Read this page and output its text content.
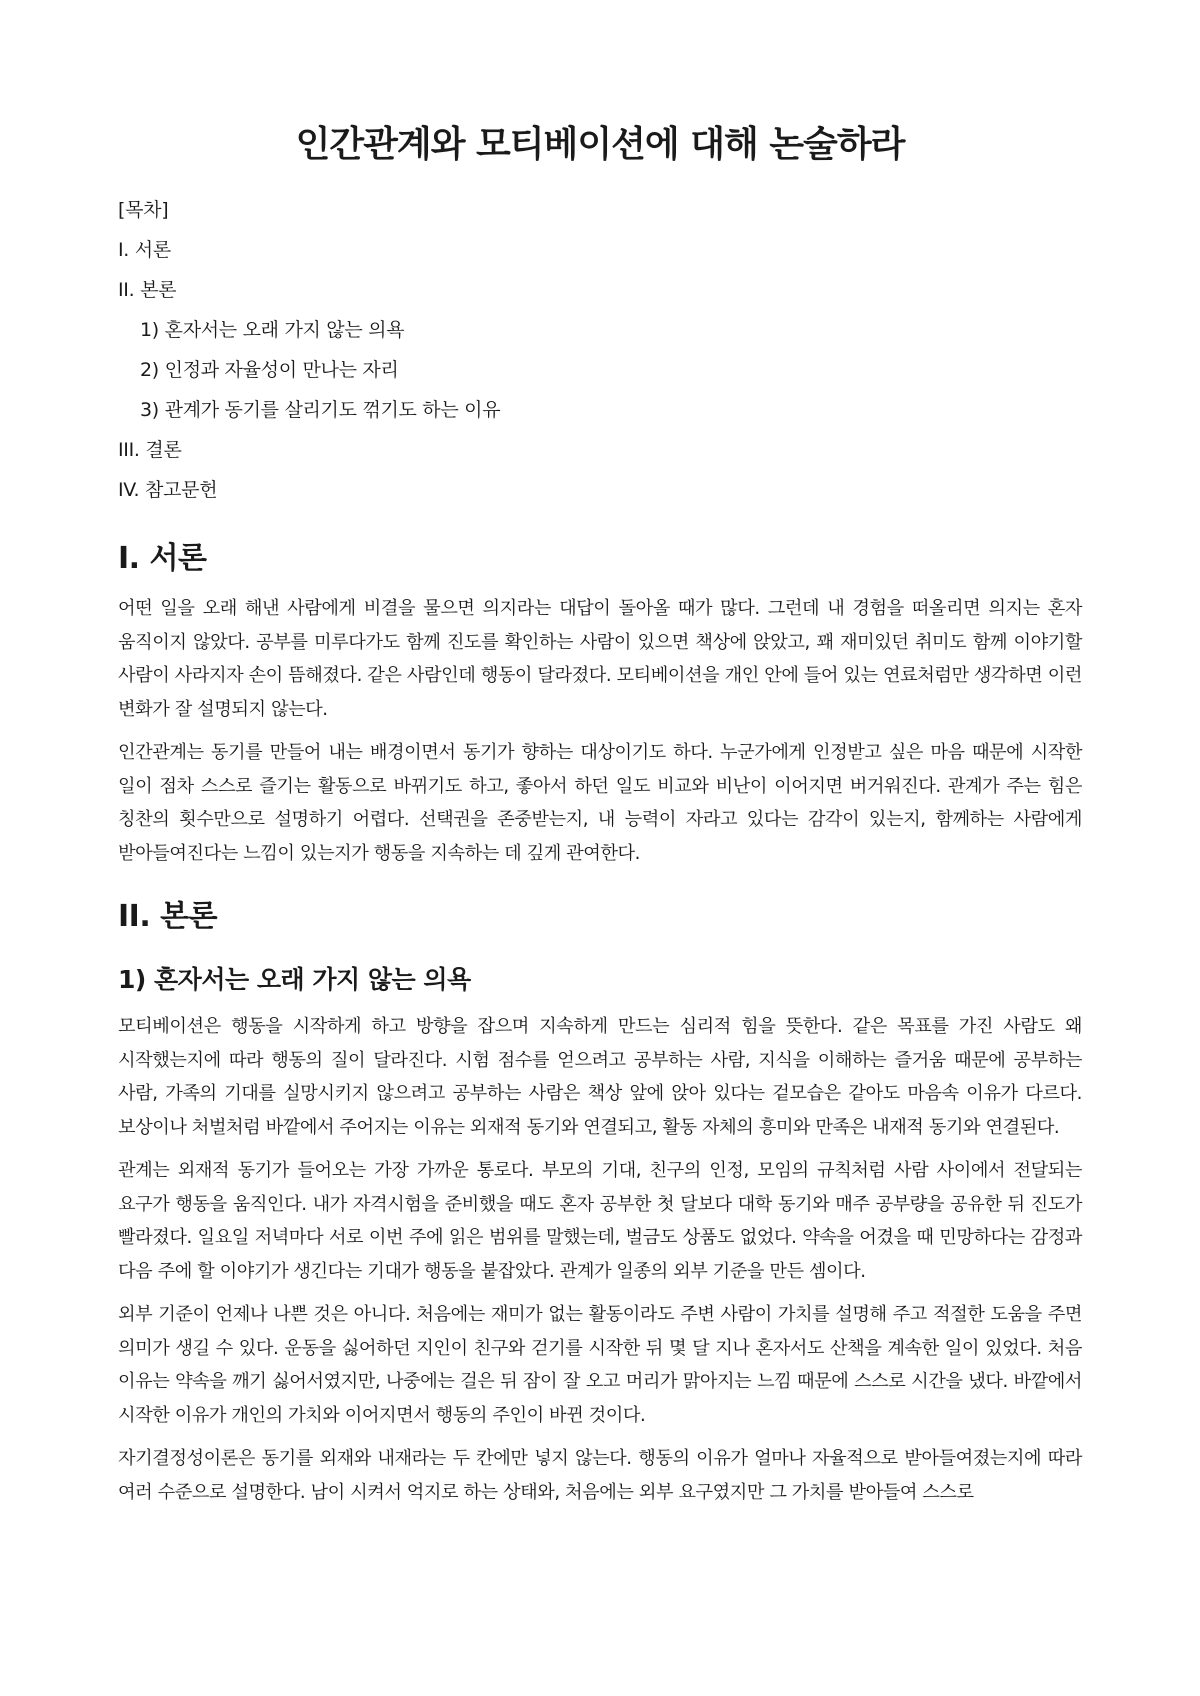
인간관계와 모티베이션에 대해 논술하라
[목차]
I. 서론
II. 본론
1) 혼자서는 오래 가지 않는 의욕
2) 인정과 자율성이 만나는 자리
3) 관계가 동기를 살리기도 꺾기도 하는 이유
III. 결론
IV. 참고문헌
I. 서론

어떤 일을 오래 해낸 사람에게 비결을 물으면 의지라는 대답이 돌아올 때가 많다. 그런데 내 경험을 떠올리면 의지는 혼자 움직이지 않았다. 공부를 미루다가도 함께 진도를 확인하는 사람이 있으면 책상에 앉았고, 꽤 재미있던 취미도 함께 이야기할 사람이 사라지자 손이 뜸해졌다. 같은 사람인데 행동이 달라졌다. 모티베이션을 개인 안에 들어 있는 연료처럼만 생각하면 이런 변화가 잘 설명되지 않는다.

인간관계는 동기를 만들어 내는 배경이면서 동기가 향하는 대상이기도 하다. 누군가에게 인정받고 싶은 마음 때문에 시작한 일이 점차 스스로 즐기는 활동으로 바뀌기도 하고, 좋아서 하던 일도 비교와 비난이 이어지면 버거워진다. 관계가 주는 힘은 칭찬의 횟수만으로 설명하기 어렵다. 선택권을 존중받는지, 내 능력이 자라고 있다는 감각이 있는지, 함께하는 사람에게 받아들여진다는 느낌이 있는지가 행동을 지속하는 데 깊게 관여한다.

II. 본론
1) 혼자서는 오래 가지 않는 의욕

모티베이션은 행동을 시작하게 하고 방향을 잡으며 지속하게 만드는 심리적 힘을 뜻한다. 같은 목표를 가진 사람도 왜 시작했는지에 따라 행동의 질이 달라진다. 시험 점수를 얻으려고 공부하는 사람, 지식을 이해하는 즐거움 때문에 공부하는 사람, 가족의 기대를 실망시키지 않으려고 공부하는 사람은 책상 앞에 앉아 있다는 겉모습은 같아도 마음속 이유가 다르다. 보상이나 처벌처럼 바깥에서 주어지는 이유는 외재적 동기와 연결되고, 활동 자체의 흥미와 만족은 내재적 동기와 연결된다.

관계는 외재적 동기가 들어오는 가장 가까운 통로다. 부모의 기대, 친구의 인정, 모임의 규칙처럼 사람 사이에서 전달되는 요구가 행동을 움직인다. 내가 자격시험을 준비했을 때도 혼자 공부한 첫 달보다 대학 동기와 매주 공부량을 공유한 뒤 진도가 빨라졌다. 일요일 저녁마다 서로 이번 주에 읽은 범위를 말했는데, 벌금도 상품도 없었다. 약속을 어겼을 때 민망하다는 감정과 다음 주에 할 이야기가 생긴다는 기대가 행동을 붙잡았다. 관계가 일종의 외부 기준을 만든 셈이다.

외부 기준이 언제나 나쁜 것은 아니다. 처음에는 재미가 없는 활동이라도 주변 사람이 가치를 설명해 주고 적절한 도움을 주면 의미가 생길 수 있다. 운동을 싫어하던 지인이 친구와 걷기를 시작한 뒤 몇 달 지나 혼자서도 산책을 계속한 일이 있었다. 처음 이유는 약속을 깨기 싫어서였지만, 나중에는 걸은 뒤 잠이 잘 오고 머리가 맑아지는 느낌 때문에 스스로 시간을 냈다. 바깥에서 시작한 이유가 개인의 가치와 이어지면서 행동의 주인이 바뀐 것이다.

자기결정성이론은 동기를 외재와 내재라는 두 칸에만 넣지 않는다. 행동의 이유가 얼마나 자율적으로 받아들여졌는지에 따라 여러 수준으로 설명한다. 남이 시켜서 억지로 하는 상태와, 처음에는 외부 요구였지만 그 가치를 받아들여 스스로
